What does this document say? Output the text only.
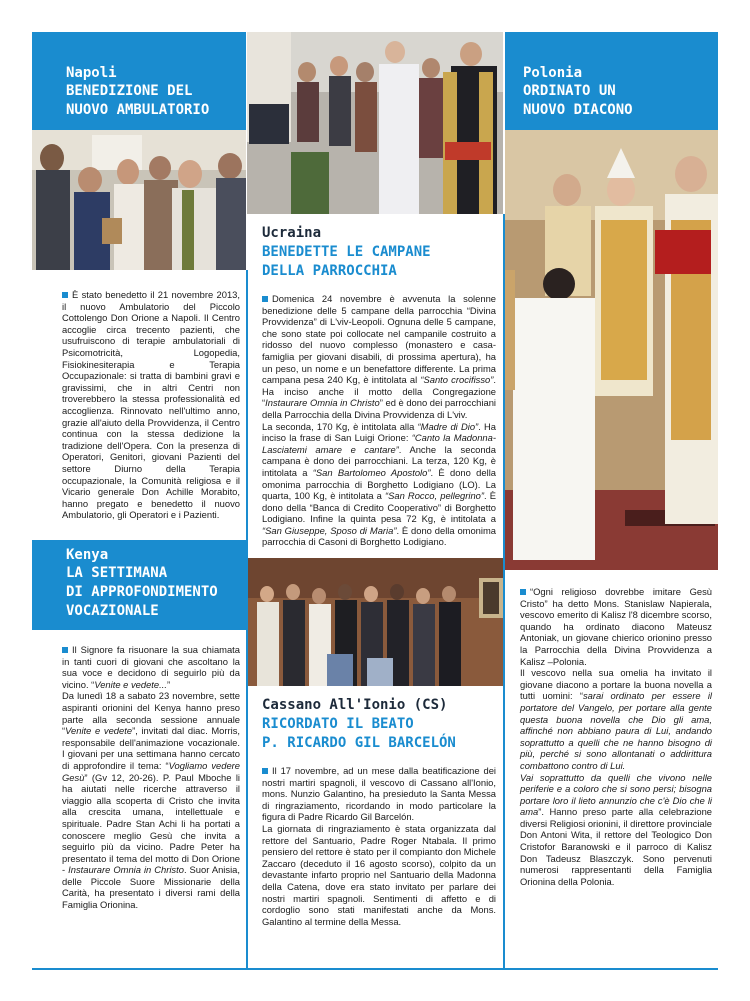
Napoli
BENEDIZIONE DEL
NUOVO AMBULATORIO

È stato benedetto il 21 novembre 2013, il nuovo Ambulatorio del Piccolo Cottolengo Don Orione a Napoli. Il Centro accoglie circa trecento pazienti, che usufruiscono di terapie ambulatoriali di Psicomotricità, Logopedia, Fisiokinesiterapia e Terapia Occupazionale: si tratta di bambini gravi e gravissimi, che in altri Centri non troverebbero la stessa professionalità ed accoglienza. Rinnovato nell'ultimo anno, grazie all'aiuto della Provvidenza, il Centro continua con la stessa dedizione la tradizione dell'Opera. Con la presenza di Operatori, Genitori, giovani Pazienti del settore Diurno della Terapia occupazionale, la Comunità religiosa e il Vicario generale Don Achille Morabito, hanno pregato e benedetto il nuovo Ambulatorio, gli Operatori e i Pazienti.

Kenya
LA SETTIMANA
DI APPROFONDIMENTO
VOCAZIONALE

Il Signore fa risuonare la sua chiamata in tanti cuori di giovani che ascoltano la sua voce e decidono di seguirlo più da vicino. “Venite e vedete...”

Da lunedì 18 a sabato 23 novembre, sette aspiranti orionini del Kenya hanno preso parte alla seconda sessione annuale “Venite e vedete”, invitati dal diac. Morris, responsabile dell'animazione vocazionale. I giovani per una settimana hanno cercato di approfondire il tema: “Vogliamo vedere Gesù” (Gv 12, 20-26). P. Paul Mboche li ha aiutati nelle ricerche attraverso il viaggio alla scoperta di Cristo che invita alla crescita umana, intellettuale e spirituale. Padre Stan Achi li ha portati a conoscere meglio Gesù che invita a seguirlo più da vicino. Padre Peter ha presentato il tema del motto di Don Orione - Instaurare Omnia in Christo. Suor Anisia, delle Piccole Suore Missionarie della Carità, ha presentato i diversi rami della Famiglia Orionina.

Ucraina
BENEDETTE LE CAMPANE
DELLA PARROCCHIA

Domenica 24 novembre è avvenuta la solenne benedizione delle 5 campane della parrocchia “Divina Provvidenza” di L'viv-Leopoli. Ognuna delle 5 campane, che sono state poi collocate nel campanile costruito a ridosso del nuovo complesso (monastero e casa-famiglia per giovani disabili, di prossima apertura), ha un peso, un nome e un benefattore differente. La prima campana pesa 240 Kg, è intitolata al “Santo crocifisso”. Ha inciso anche il motto della Congregazione “Instaurare Omnia in Christo” ed è dono dei parrocchiani della Parrocchia della Divina Provvidenza di L'viv.

La seconda, 170 Kg, è intitolata alla “Madre di Dio”. Ha inciso la frase di San Luigi Orione: “Canto la Madonna-Lasciatemi amare e cantare”. Anche la seconda campana è dono dei parrocchiani. La terza, 120 Kg, è intitolata a “San Bartolomeo Apostolo”. È dono della omonima parrocchia di Borghetto Lodigiano (LO). La quarta, 100 Kg, è intitolata a “San Rocco, pellegrino”. È dono della “Banca di Credito Cooperativo” di Borghetto Lodigiano. Infine la quinta pesa 72 Kg, è intitolata a “San Giuseppe, Sposo di Maria”. È dono della omonima parrocchia di Casoni di Borghetto Lodigiano.

Cassano All'Ionio (CS)
RICORDATO IL BEATO
P. RICARDO GIL BARCELÓN

Il 17 novembre, ad un mese dalla beatificazione dei nostri martiri spagnoli, il vescovo di Cassano all'Ionio, mons. Nunzio Galantino, ha presieduto la Santa Messa di ringraziamento, ricordando in modo particolare la figura di Padre Ricardo Gil Barcelón.

La giornata di ringraziamento è stata organizzata dal rettore del Santuario, Padre Roger Ntabala. Il primo pensiero del rettore è stato per il compianto don Michele Zaccaro (deceduto il 16 agosto scorso), colpito da un devastante infarto proprio nel Santuario della Madonna della Catena, dove era stato invitato per parlare dei nostri martiri spagnoli. Sentimenti di affetto e di cordoglio sono stati manifestati anche da Mons. Galantino al termine della Messa.

Polonia
ORDINATO UN
NUOVO DIACONO

“Ogni religioso dovrebbe imitare Gesù Cristo” ha detto Mons. Stanislaw Napierala, vescovo emerito di Kalisz l'8 dicembre scorso, quando ha ordinato diacono Mateusz Antoniak, un giovane chierico orionino presso la Parrocchia della Divina Provvidenza a Kalisz –Polonia.

Il vescovo nella sua omelia ha invitato il giovane diacono a portare la buona novella a tutti uomini: “sarai ordinato per essere il portatore del Vangelo, per portare alla gente questa buona novella che Dio gli ama, affinché non abbiano paura di Lui, andando soprattutto a quelli che ne hanno bisogno di più, perché si sono allontanati o addirittura combattono contro di Lui.

Vai soprattutto da quelli che vivono nelle periferie e a coloro che si sono persi; bisogna portare loro il lieto annunzio che c'è Dio che li ama”. Hanno preso parte alla celebrazione diversi Religiosi orionini, il direttore provinciale Don Antoni Wita, il rettore del Teologico Don Cristofor Baranowski e il parroco di Kalisz Don Tadeusz Blaszczyk. Sono pervenuti numerosi rappresentanti della Famiglia Orionina della Polonia.
